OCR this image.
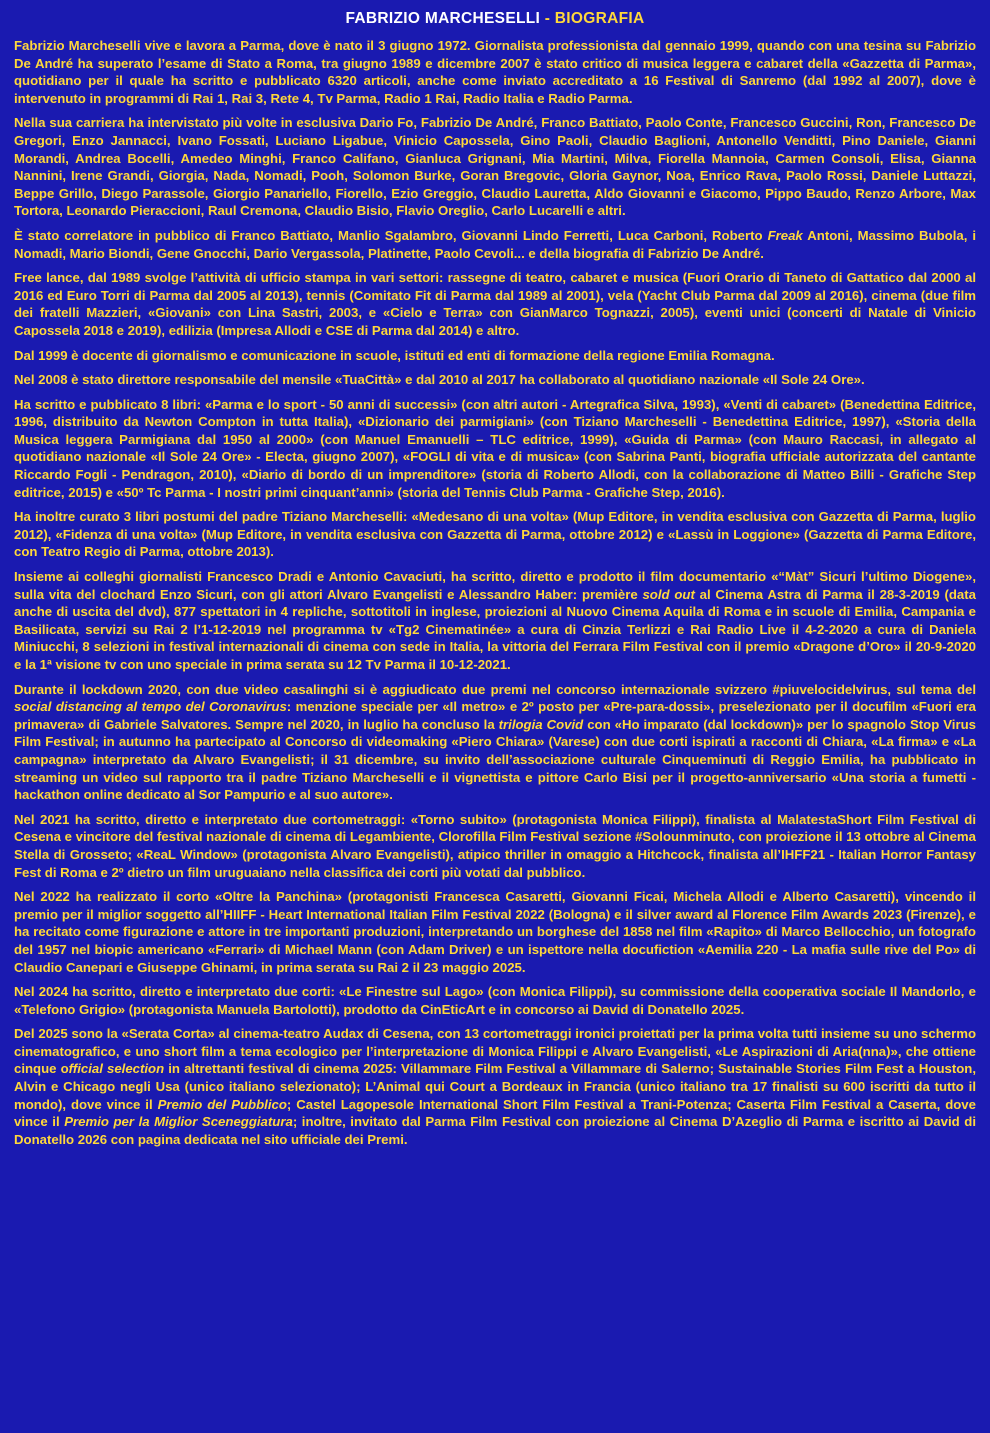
FABRIZIO MARCHESELLI - BIOGRAFIA

Fabrizio Marcheselli vive e lavora a Parma, dove è nato il 3 giugno 1972. Giornalista professionista dal gennaio 1999, quando con una tesina su Fabrizio De André ha superato l’esame di Stato a Roma, tra giugno 1989 e dicembre 2007 è stato critico di musica leggera e cabaret della «Gazzetta di Parma», quotidiano per il quale ha scritto e pubblicato 6320 articoli, anche come inviato accreditato a 16 Festival di Sanremo (dal 1992 al 2007), dove è intervenuto in programmi di Rai 1, Rai 3, Rete 4, Tv Parma, Radio 1 Rai, Radio Italia e Radio Parma.

Nella sua carriera ha intervistato più volte in esclusiva Dario Fo, Fabrizio De André, Franco Battiato, Paolo Conte, Francesco Guccini, Ron, Francesco De Gregori, Enzo Jannacci, Ivano Fossati, Luciano Ligabue, Vinicio Capossela, Gino Paoli, Claudio Baglioni, Antonello Venditti, Pino Daniele, Gianni Morandi, Andrea Bocelli, Amedeo Minghi, Franco Califano, Gianluca Grignani, Mia Martini, Milva, Fiorella Mannoia, Carmen Consoli, Elisa, Gianna Nannini, Irene Grandi, Giorgia, Nada, Nomadi, Pooh, Solomon Burke, Goran Bregovic, Gloria Gaynor, Noa, Enrico Rava, Paolo Rossi, Daniele Luttazzi, Beppe Grillo, Diego Parassole, Giorgio Panariello, Fiorello, Ezio Greggio, Claudio Lauretta, Aldo Giovanni e Giacomo, Pippo Baudo, Renzo Arbore, Max Tortora, Leonardo Pieraccioni, Raul Cremona, Claudio Bisio, Flavio Oreglio, Carlo Lucarelli e altri.

È stato correlatore in pubblico di Franco Battiato, Manlio Sgalambro, Giovanni Lindo Ferretti, Luca Carboni, Roberto Freak Antoni, Massimo Bubola, i Nomadi, Mario Biondi, Gene Gnocchi, Dario Vergassola, Platinette, Paolo Cevoli... e della biografia di Fabrizio De André.

Free lance, dal 1989 svolge l’attività di ufficio stampa in vari settori: rassegne di teatro, cabaret e musica (Fuori Orario di Taneto di Gattatico dal 2000 al 2016 ed Euro Torri di Parma dal 2005 al 2013), tennis (Comitato Fit di Parma dal 1989 al 2001), vela (Yacht Club Parma dal 2009 al 2016), cinema (due film dei fratelli Mazzieri, «Giovani» con Lina Sastri, 2003, e «Cielo e Terra» con GianMarco Tognazzi, 2005), eventi unici (concerti di Natale di Vinicio Capossela 2018 e 2019), edilizia (Impresa Allodi e CSE di Parma dal 2014) e altro.

Dal 1999 è docente di giornalismo e comunicazione in scuole, istituti ed enti di formazione della regione Emilia Romagna.

Nel 2008 è stato direttore responsabile del mensile «TuaCittà» e dal 2010 al 2017 ha collaborato al quotidiano nazionale «Il Sole 24 Ore».

Ha scritto e pubblicato 8 libri: «Parma e lo sport - 50 anni di successi» (con altri autori - Artegrafica Silva, 1993), «Venti di cabaret» (Benedettina Editrice, 1996, distribuito da Newton Compton in tutta Italia), «Dizionario dei parmigiani» (con Tiziano Marcheselli - Benedettina Editrice, 1997), «Storia della Musica leggera Parmigiana dal 1950 al 2000» (con Manuel Emanuelli – TLC editrice, 1999), «Guida di Parma» (con Mauro Raccasi, in allegato al quotidiano nazionale «Il Sole 24 Ore» - Electa, giugno 2007), «FOGLI di vita e di musica» (con Sabrina Panti, biografia ufficiale autorizzata del cantante Riccardo Fogli - Pendragon, 2010), «Diario di bordo di un imprenditore» (storia di Roberto Allodi, con la collaborazione di Matteo Billi - Grafiche Step editrice, 2015) e «50º Tc Parma - I nostri primi cinquant’anni» (storia del Tennis Club Parma - Grafiche Step, 2016).

Ha inoltre curato 3 libri postumi del padre Tiziano Marcheselli: «Medesano di una volta» (Mup Editore, in vendita esclusiva con Gazzetta di Parma, luglio 2012), «Fidenza di una volta» (Mup Editore, in vendita esclusiva con Gazzetta di Parma, ottobre 2012) e «Lassù in Loggione» (Gazzetta di Parma Editore, con Teatro Regio di Parma, ottobre 2013).

Insieme ai colleghi giornalisti Francesco Dradi e Antonio Cavaciuti, ha scritto, diretto e prodotto il film documentario «“Màt” Sicuri l’ultimo Diogene», sulla vita del clochard Enzo Sicuri, con gli attori Alvaro Evangelisti e Alessandro Haber: première sold out al Cinema Astra di Parma il 28-3-2019 (data anche di uscita del dvd), 877 spettatori in 4 repliche, sottotitoli in inglese, proiezioni al Nuovo Cinema Aquila di Roma e in scuole di Emilia, Campania e Basilicata, servizi su Rai 2 l’1-12-2019 nel programma tv «Tg2 Cinematinée» a cura di Cinzia Terlizzi e Rai Radio Live il 4-2-2020 a cura di Daniela Miniucchi, 8 selezioni in festival internazionali di cinema con sede in Italia, la vittoria del Ferrara Film Festival con il premio «Dragone d’Oro» il 20-9-2020 e la 1ª visione tv con uno speciale in prima serata su 12 Tv Parma il 10-12-2021.

Durante il lockdown 2020, con due video casalinghi si è aggiudicato due premi nel concorso internazionale svizzero #piuvelocidelvirus, sul tema del social distancing al tempo del Coronavirus: menzione speciale per «Il metro» e 2º posto per «Pre-para-dossi», preselezionato per il docufilm «Fuori era primavera» di Gabriele Salvatores. Sempre nel 2020, in luglio ha concluso la trilogia Covid con «Ho imparato (dal lockdown)» per lo spagnolo Stop Virus Film Festival; in autunno ha partecipato al Concorso di videomaking «Piero Chiara» (Varese) con due corti ispirati a racconti di Chiara, «La firma» e «La campagna» interpretato da Alvaro Evangelisti; il 31 dicembre, su invito dell’associazione culturale Cinqueminuti di Reggio Emilia, ha pubblicato in streaming un video sul rapporto tra il padre Tiziano Marcheselli e il vignettista e pittore Carlo Bisi per il progetto-anniversario «Una storia a fumetti - hackathon online dedicato al Sor Pampurio e al suo autore».

Nel 2021 ha scritto, diretto e interpretato due cortometraggi: «Torno subito» (protagonista Monica Filippi), finalista al MalatestaShort Film Festival di Cesena e vincitore del festival nazionale di cinema di Legambiente, Clorofilla Film Festival sezione #Solounminuto, con proiezione il 13 ottobre al Cinema Stella di Grosseto; «ReaL Window» (protagonista Alvaro Evangelisti), atipico thriller in omaggio a Hitchcock, finalista all’IHFF21 - Italian Horror Fantasy Fest di Roma e 2º dietro un film uruguaiano nella classifica dei corti più votati dal pubblico.

Nel 2022 ha realizzato il corto «Oltre la Panchina» (protagonisti Francesca Casaretti, Giovanni Ficai, Michela Allodi e Alberto Casaretti), vincendo il premio per il miglior soggetto all’HIIFF - Heart International Italian Film Festival 2022 (Bologna) e il silver award al Florence Film Awards 2023 (Firenze), e ha recitato come figurazione e attore in tre importanti produzioni, interpretando un borghese del 1858 nel film «Rapito» di Marco Bellocchio, un fotografo del 1957 nel biopic americano «Ferrari» di Michael Mann (con Adam Driver) e un ispettore nella docufiction «Aemilia 220 - La mafia sulle rive del Po» di Claudio Canepari e Giuseppe Ghinami, in prima serata su Rai 2 il 23 maggio 2025.

Nel 2024 ha scritto, diretto e interpretato due corti: «Le Finestre sul Lago» (con Monica Filippi), su commissione della cooperativa sociale Il Mandorlo, e «Telefono Grigio» (protagonista Manuela Bartolotti), prodotto da CinEticArt e in concorso ai David di Donatello 2025.

Del 2025 sono la «Serata Corta» al cinema-teatro Audax di Cesena, con 13 cortometraggi ironici proiettati per la prima volta tutti insieme su uno schermo cinematografico, e uno short film a tema ecologico per l’interpretazione di Monica Filippi e Alvaro Evangelisti, «Le Aspirazioni di Aria(nna)», che ottiene cinque official selection in altrettanti festival di cinema 2025: Villammare Film Festival a Villammare di Salerno; Sustainable Stories Film Fest a Houston, Alvin e Chicago negli Usa (unico italiano selezionato); L’Animal qui Court a Bordeaux in Francia (unico italiano tra 17 finalisti su 600 iscritti da tutto il mondo), dove vince il Premio del Pubblico; Castel Lagopesole International Short Film Festival a Trani-Potenza; Caserta Film Festival a Caserta, dove vince il Premio per la Miglior Sceneggiatura; inoltre, invitato dal Parma Film Festival con proiezione al Cinema D’Azeglio di Parma e iscritto ai David di Donatello 2026 con pagina dedicata nel sito ufficiale dei Premi.
